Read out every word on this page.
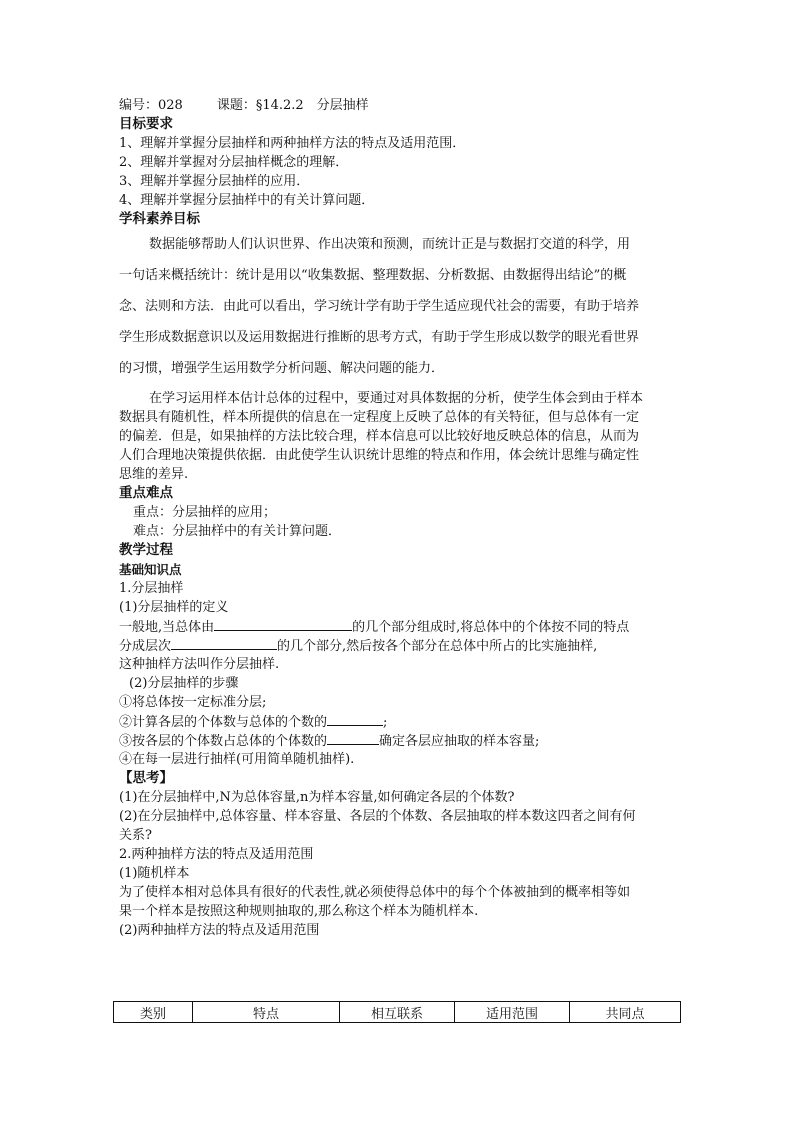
编号：028	课题：§14.2.2　分层抽样
目标要求
1、理解并掌握分层抽样和两种抽样方法的特点及适用范围．
2、理解并掌握对分层抽样概念的理解．
3、理解并掌握分层抽样的应用．
4、理解并掌握分层抽样中的有关计算问题．
学科素养目标
数据能够帮助人们认识世界、作出决策和预测，而统计正是与数据打交道的科学，用
一句话来概括统计：统计是用以“收集数据、整理数据、分析数据、由数据得出结论”的概
念、法则和方法．由此可以看出，学习统计学有助于学生适应现代社会的需要，有助于培养
学生形成数据意识以及运用数据进行推断的思考方式，有助于学生形成以数学的眼光看世界
的习惯，增强学生运用数学分析问题、解决问题的能力．
在学习运用样本估计总体的过程中，要通过对具体数据的分析，使学生体会到由于样本
数据具有随机性，样本所提供的信息在一定程度上反映了总体的有关特征，但与总体有一定
的偏差．但是，如果抽样的方法比较合理，样本信息可以比较好地反映总体的信息，从而为
人们合理地决策提供依据．由此使学生认识统计思维的特点和作用，体会统计思维与确定性
思维的差异.
重点难点
重点：分层抽样的应用；
难点：分层抽样中的有关计算问题．
教学过程
基础知识点
1.分层抽样
(1)分层抽样的定义
一般地,当总体由	的几个部分组成时,将总体中的个体按不同的特点
分成层次	的几个部分,然后按各个部分在总体中所占的比实施抽样,
这种抽样方法叫作分层抽样.
(2)分层抽样的步骤
①将总体按一定标准分层;
②计算各层的个体数与总体的个数的	;
③按各层的个体数占总体的个体数的	确定各层应抽取的样本容量;
④在每一层进行抽样(可用简单随机抽样).
【思考】
(1)在分层抽样中,N为总体容量,n为样本容量,如何确定各层的个体数?
(2)在分层抽样中,总体容量、样本容量、各层的个体数、各层抽取的样本数这四者之间有何
关系?
2.两种抽样方法的特点及适用范围
(1)随机样本
为了使样本相对总体具有很好的代表性,就必须使得总体中的每个个体被抽到的概率相等如
果一个样本是按照这种规则抽取的,那么称这个样本为随机样本.
(2)两种抽样方法的特点及适用范围
类别	特点	相互联系	适用范围	共同点
